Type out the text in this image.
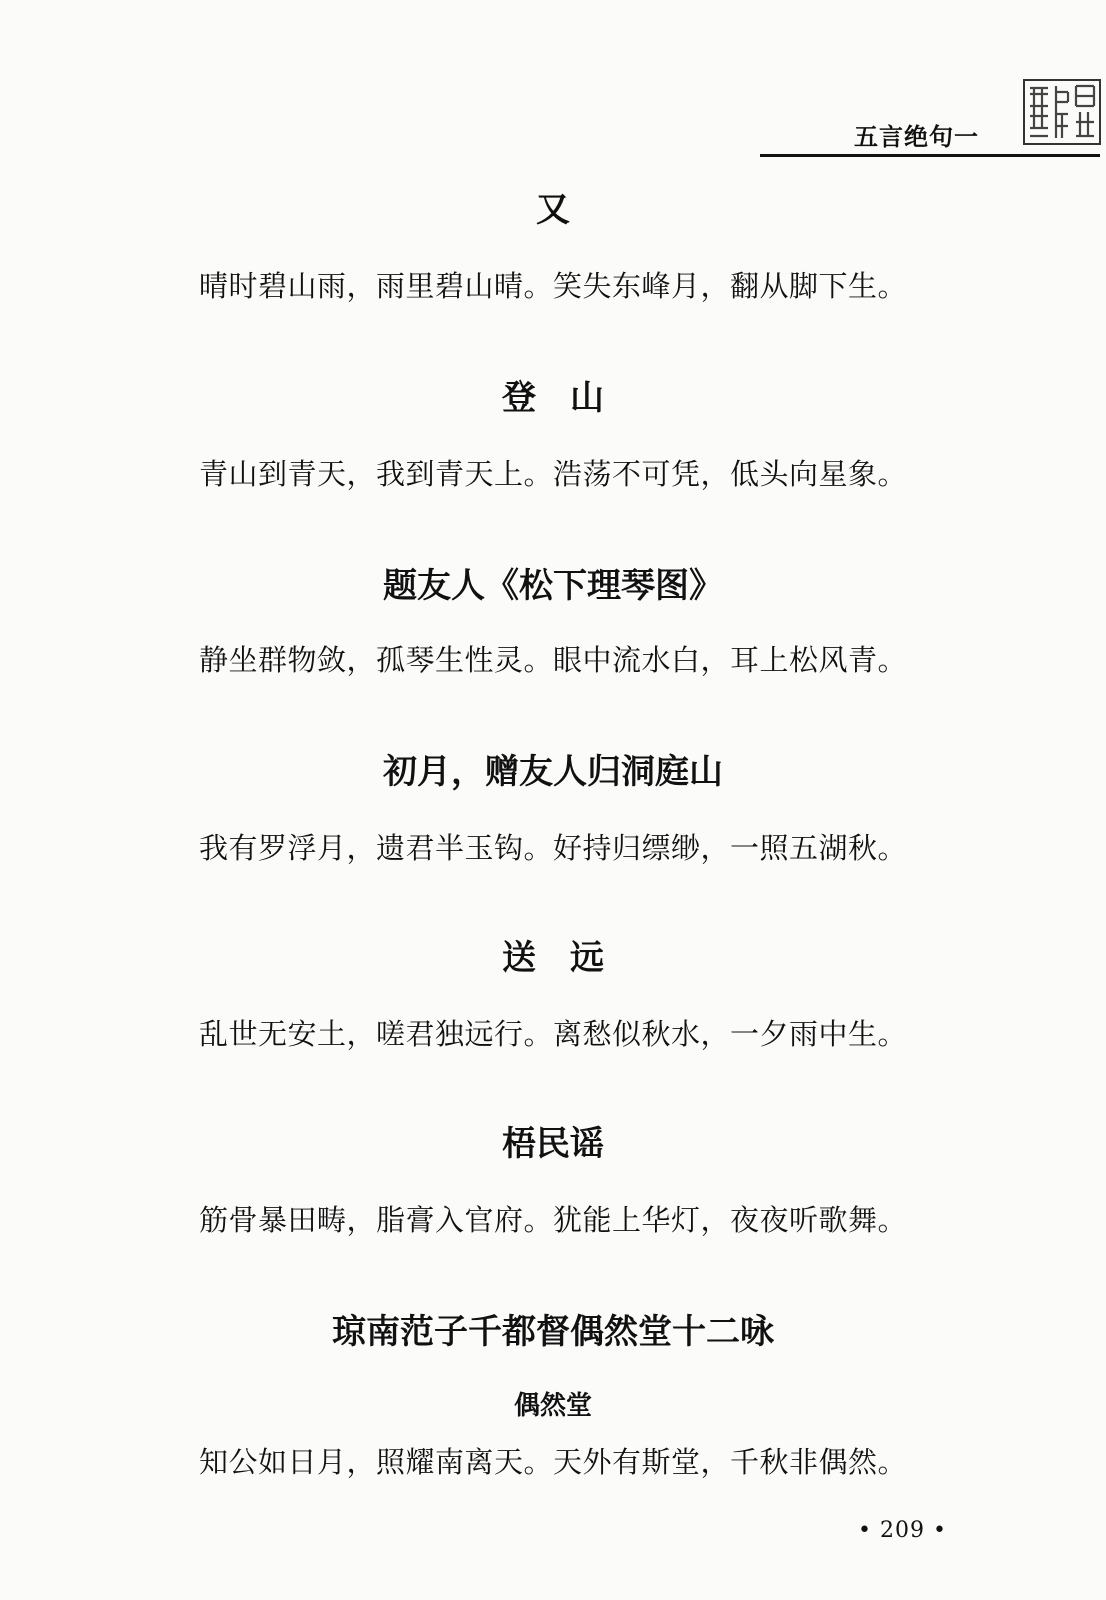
五言绝句一
又
晴时碧山雨，雨里碧山晴。笑失东峰月，翻从脚下生。
登　山
青山到青天，我到青天上。浩荡不可凭，低头向星象。
题友人《松下理琴图》
静坐群物敛，孤琴生性灵。眼中流水白，耳上松风青。
初月，赠友人归洞庭山
我有罗浮月，遗君半玉钩。好持归缥缈，一照五湖秋。
送　远
乱世无安土，嗟君独远行。离愁似秋水，一夕雨中生。
梧民谣
筋骨暴田畴，脂膏入官府。犹能上华灯，夜夜听歌舞。
琼南范子千都督偶然堂十二咏
偶然堂
知公如日月，照耀南离天。天外有斯堂，千秋非偶然。
• 209 •
